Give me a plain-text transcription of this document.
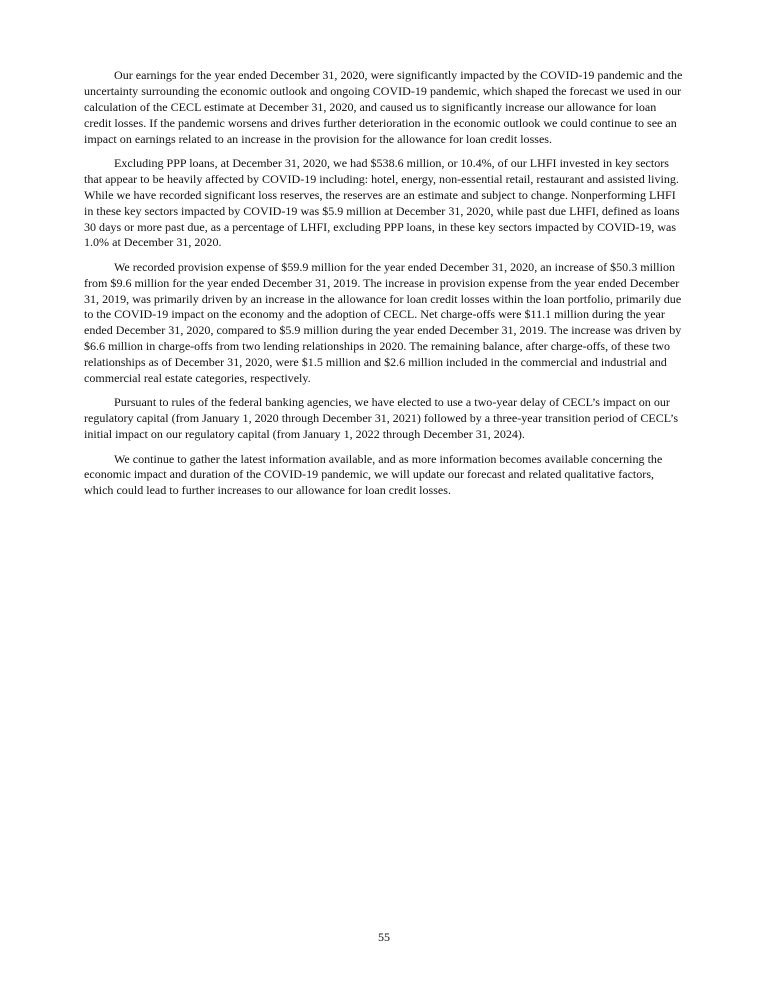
Our earnings for the year ended December 31, 2020, were significantly impacted by the COVID-19 pandemic and the uncertainty surrounding the economic outlook and ongoing COVID-19 pandemic, which shaped the forecast we used in our calculation of the CECL estimate at December 31, 2020, and caused us to significantly increase our allowance for loan credit losses. If the pandemic worsens and drives further deterioration in the economic outlook we could continue to see an impact on earnings related to an increase in the provision for the allowance for loan credit losses.

Excluding PPP loans, at December 31, 2020, we had $538.6 million, or 10.4%, of our LHFI invested in key sectors that appear to be heavily affected by COVID-19 including: hotel, energy, non-essential retail, restaurant and assisted living. While we have recorded significant loss reserves, the reserves are an estimate and subject to change. Nonperforming LHFI in these key sectors impacted by COVID-19 was $5.9 million at December 31, 2020, while past due LHFI, defined as loans 30 days or more past due, as a percentage of LHFI, excluding PPP loans, in these key sectors impacted by COVID-19, was 1.0% at December 31, 2020.

We recorded provision expense of $59.9 million for the year ended December 31, 2020, an increase of $50.3 million from $9.6 million for the year ended December 31, 2019. The increase in provision expense from the year ended December 31, 2019, was primarily driven by an increase in the allowance for loan credit losses within the loan portfolio, primarily due to the COVID-19 impact on the economy and the adoption of CECL. Net charge-offs were $11.1 million during the year ended December 31, 2020, compared to $5.9 million during the year ended December 31, 2019. The increase was driven by $6.6 million in charge-offs from two lending relationships in 2020. The remaining balance, after charge-offs, of these two relationships as of December 31, 2020, were $1.5 million and $2.6 million included in the commercial and industrial and commercial real estate categories, respectively.

Pursuant to rules of the federal banking agencies, we have elected to use a two-year delay of CECL’s impact on our regulatory capital (from January 1, 2020 through December 31, 2021) followed by a three-year transition period of CECL’s initial impact on our regulatory capital (from January 1, 2022 through December 31, 2024).

We continue to gather the latest information available, and as more information becomes available concerning the economic impact and duration of the COVID-19 pandemic, we will update our forecast and related qualitative factors, which could lead to further increases to our allowance for loan credit losses.

55
